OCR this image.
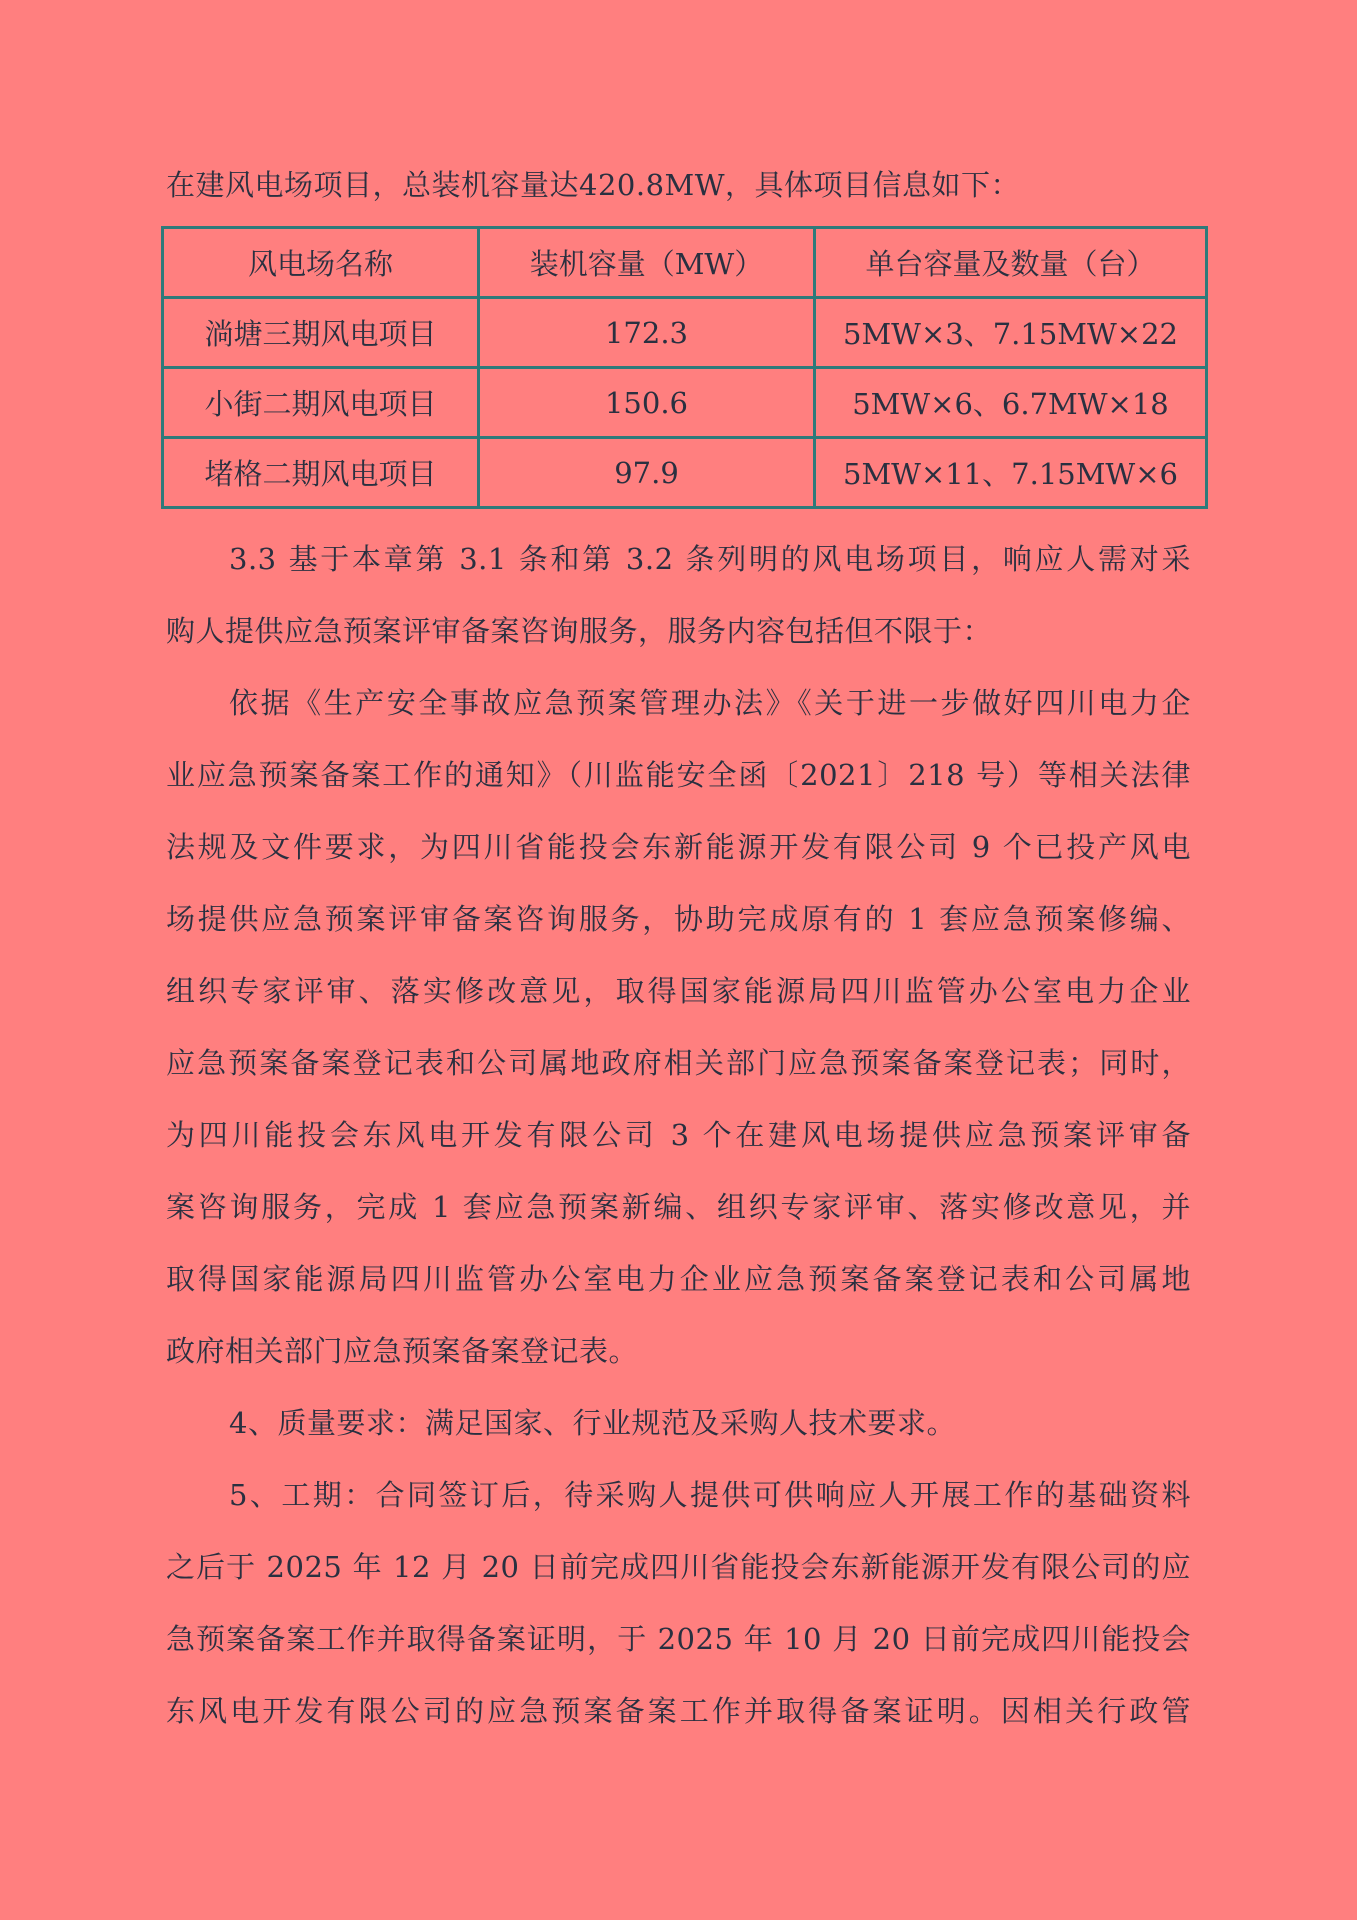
在建风电场项目，总装机容量达420.8MW，具体项目信息如下：
风电场名称	装机容量（MW）	单台容量及数量（台）
淌塘三期风电项目	172.3	5MW×3、7.15MW×22
小街二期风电项目	150.6	5MW×6、6.7MW×18
堵格二期风电项目	97.9	5MW×11、7.15MW×6
3.3 基于本章第 3.1 条和第 3.2 条列明的风电场项目，响应人需对采
购人提供应急预案评审备案咨询服务，服务内容包括但不限于：
依据《生产安全事故应急预案管理办法》《关于进一步做好四川电力企
业应急预案备案工作的通知》（川监能安全函〔2021〕218 号）等相关法律
法规及文件要求，为四川省能投会东新能源开发有限公司 9 个已投产风电
场提供应急预案评审备案咨询服务，协助完成原有的 1 套应急预案修编、
组织专家评审、落实修改意见，取得国家能源局四川监管办公室电力企业
应急预案备案登记表和公司属地政府相关部门应急预案备案登记表；同时，
为四川能投会东风电开发有限公司 3 个在建风电场提供应急预案评审备
案咨询服务，完成 1 套应急预案新编、组织专家评审、落实修改意见，并
取得国家能源局四川监管办公室电力企业应急预案备案登记表和公司属地
政府相关部门应急预案备案登记表。
4、质量要求：满足国家、行业规范及采购人技术要求。
5、工期：合同签订后，待采购人提供可供响应人开展工作的基础资料
之后于 2025 年 12 月 20 日前完成四川省能投会东新能源开发有限公司的应
急预案备案工作并取得备案证明，于 2025 年 10 月 20 日前完成四川能投会
东风电开发有限公司的应急预案备案工作并取得备案证明。因相关行政管
